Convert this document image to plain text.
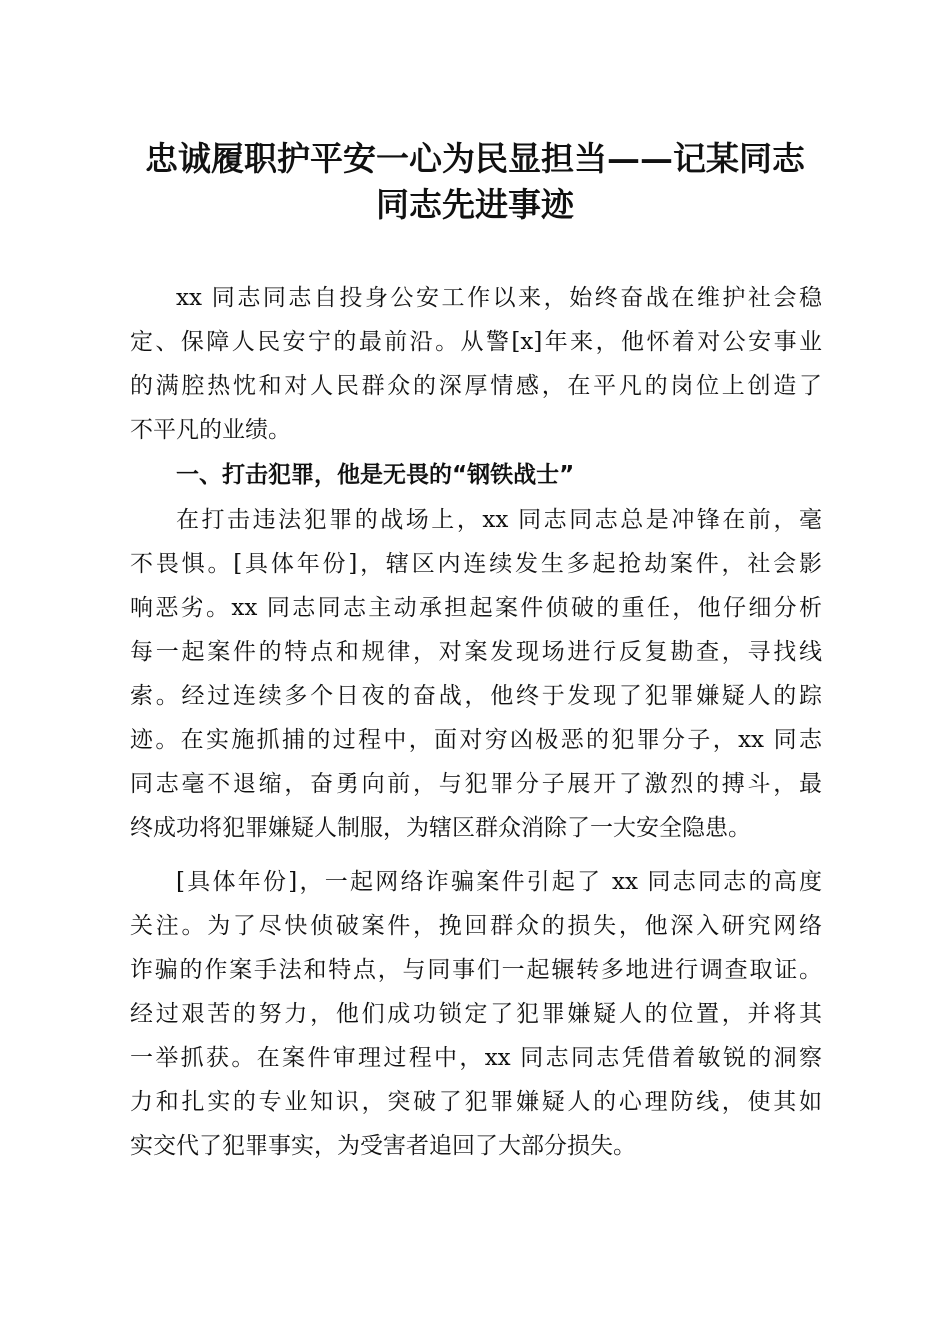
忠诚履职护平安一心为民显担当——记某同志
同志先进事迹
xx 同志同志自投身公安工作以来，始终奋战在维护社会稳
定、保障人民安宁的最前沿。从警[x]年来，他怀着对公安事业
的满腔热忱和对人民群众的深厚情感，在平凡的岗位上创造了
不平凡的业绩。
一、打击犯罪，他是无畏的“钢铁战士”
在打击违法犯罪的战场上，xx 同志同志总是冲锋在前，毫
不畏惧。[具体年份]，辖区内连续发生多起抢劫案件，社会影
响恶劣。xx 同志同志主动承担起案件侦破的重任，他仔细分析
每一起案件的特点和规律，对案发现场进行反复勘查，寻找线
索。经过连续多个日夜的奋战，他终于发现了犯罪嫌疑人的踪
迹。在实施抓捕的过程中，面对穷凶极恶的犯罪分子，xx 同志
同志毫不退缩，奋勇向前，与犯罪分子展开了激烈的搏斗，最
终成功将犯罪嫌疑人制服，为辖区群众消除了一大安全隐患。
[具体年份]，一起网络诈骗案件引起了 xx 同志同志的高度
关注。为了尽快侦破案件，挽回群众的损失，他深入研究网络
诈骗的作案手法和特点，与同事们一起辗转多地进行调查取证。
经过艰苦的努力，他们成功锁定了犯罪嫌疑人的位置，并将其
一举抓获。在案件审理过程中，xx 同志同志凭借着敏锐的洞察
力和扎实的专业知识，突破了犯罪嫌疑人的心理防线，使其如
实交代了犯罪事实，为受害者追回了大部分损失。
